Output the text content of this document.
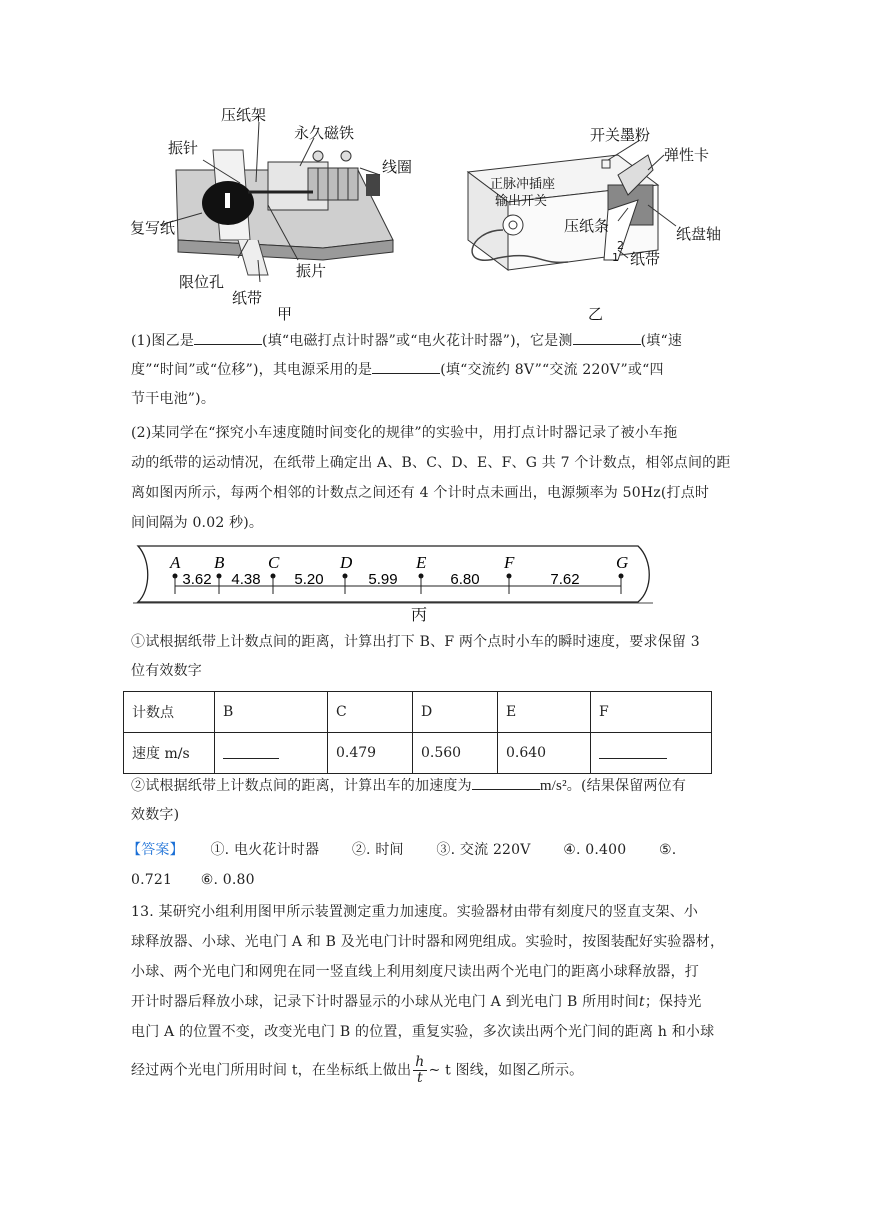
压纸架
永久磁铁
振针
线圈
复写纸
振片
限位孔
纸带
甲
开关墨粉
弹性卡
正脉冲插座
输出开关
压纸条	纸盘轴
2
1 纸带
乙
(1)图乙是	(填“电磁打点计时器”或“电火花计时器”)，它是测	(填“速
度”“时间”或“位移”)，其电源采用的是	(填“交流约 8V”“交流 220V”或“四
节干电池”)。
(2)某同学在“探究小车速度随时间变化的规律”的实验中，用打点计时器记录了被小车拖
动的纸带的运动情况，在纸带上确定出 A、B、C、D、E、F、G 共 7 个计数点，相邻点间的距
离如图丙所示，每两个相邻的计数点之间还有 4 个计时点未画出，电源频率为 50Hz(打点时
间间隔为 0.02 秒)。
A B	C	D	E	F	G
3.62 4.38 5.20	5.99	6.80	7.62
丙
①试根据纸带上计数点间的距离，计算出打下 B、F 两个点时小车的瞬时速度，要求保留 3
位有效数字
计数点	B	C	D	E	F
速度 m/s		0.479	0.560	0.640	
②试根据纸带上计数点间的距离，计算出车的加速度为	m/s²。(结果保留两位有
效数字)
【答案】 ①. 电火花计时器 ②. 时间 ③. 交流 220V ④. 0.400 ⑤.
0.721 ⑥. 0.80
13. 某研究小组利用图甲所示装置测定重力加速度。实验器材由带有刻度尺的竖直支架、小
球释放器、小球、光电门 A 和 B 及光电门计时器和网兜组成。实验时，按图装配好实验器材，
小球、两个光电门和网兜在同一竖直线上利用刻度尺读出两个光电门的距离小球释放器，打
开计时器后释放小球，记录下计时器显示的小球从光电门 A 到光电门 B 所用时间t；保持光
电门 A 的位置不变，改变光电门 B 的位置，重复实验，多次读出两个光门间的距离 h 和小球
经过两个光电门所用时间 t，在坐标纸上做出 $\frac{h}{t}$ ~ t 图线，如图乙所示。
